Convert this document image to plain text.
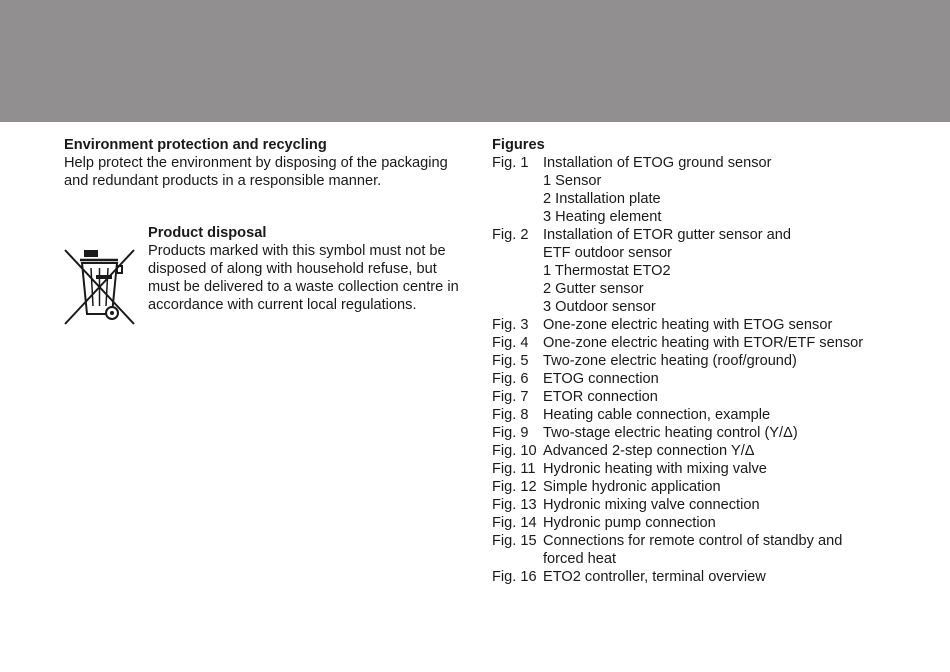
Environment protection and recycling

Help protect the environment by disposing of the packaging and redundant products in a responsible manner.

Product disposal

Products marked with this symbol must not be disposed of along with household refuse, but must be delivered to a waste collection centre in accordance with current local regulations.

Figures
Fig. 1 Installation of ETOG ground sensor
1 Sensor
2 Installation plate
3 Heating element
Fig. 2 Installation of ETOR gutter sensor and
ETF outdoor sensor
1 Thermostat ETO2
2 Gutter sensor
3 Outdoor sensor
Fig. 3 One-zone electric heating with ETOG sensor
Fig. 4 One-zone electric heating with ETOR/ETF sensor
Fig. 5 Two-zone electric heating (roof/ground)
Fig. 6 ETOG connection
Fig. 7 ETOR connection
Fig. 8 Heating cable connection, example
Fig. 9 Two-stage electric heating control (Y/Δ)
Fig. 10 Advanced 2-step connection Y/Δ
Fig. 11 Hydronic heating with mixing valve
Fig. 12 Simple hydronic application
Fig. 13 Hydronic mixing valve connection
Fig. 14 Hydronic pump connection
Fig. 15 Connections for remote control of standby and
forced heat
Fig. 16 ETO2 controller, terminal overview
